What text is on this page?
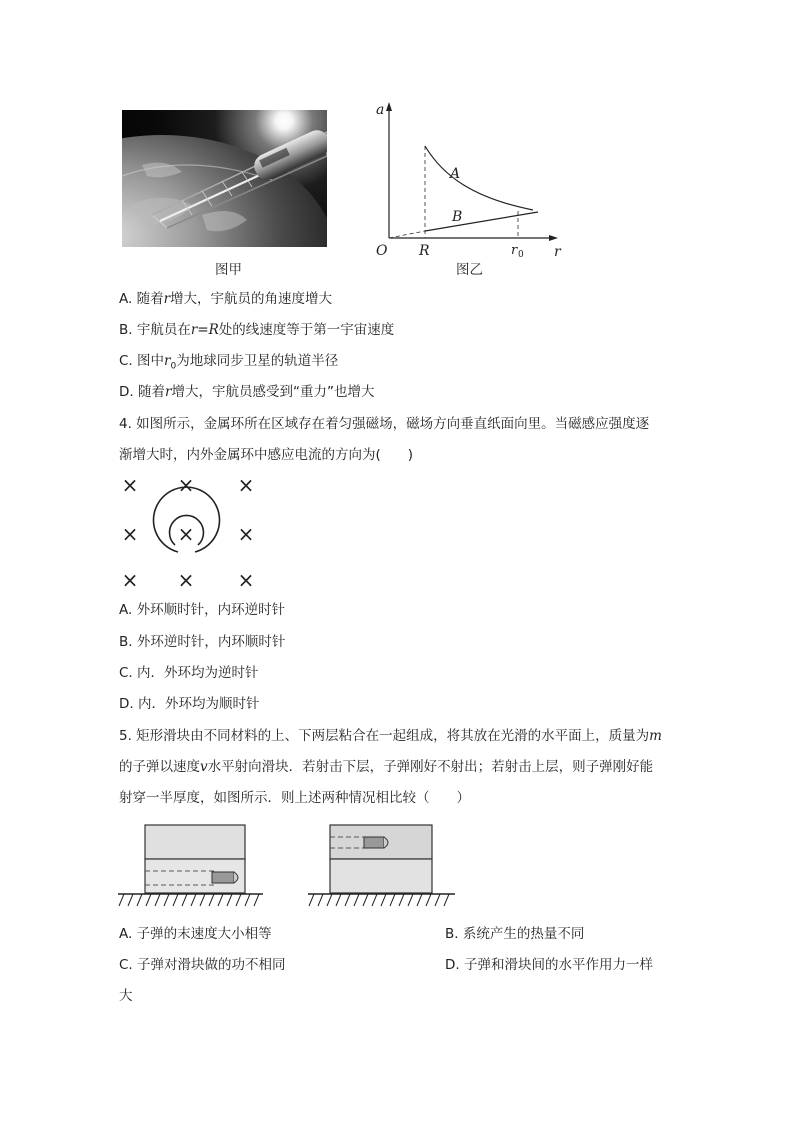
图甲
a
r
O R	r 0
A
B
图乙
A. 随着r增大，宇航员的角速度增大
B. 宇航员在r=R处的线速度等于第一宇宙速度
C. 图中$r_0$为地球同步卫星的轨道半径
D. 随着r增大，宇航员感受到“重力”也增大
4. 如图所示，金属环所在区域存在着匀强磁场，磁场方向垂直纸面向里。当磁感应强度逐
渐增大时，内外金属环中感应电流的方向为(　　)
× × ×
× × ×
× × ×
A. 外环顺时针，内环逆时针
B. 外环逆时针，内环顺时针
C. 内．外环均为逆时针
D. 内．外环均为顺时针
5. 矩形滑块由不同材料的上、下两层粘合在一起组成，将其放在光滑的水平面上，质量为m
的子弹以速度v水平射向滑块．若射击下层，子弹刚好不射出；若射击上层，则子弹刚好能
射穿一半厚度，如图所示．则上述两种情况相比较（　　）
A. 子弹的末速度大小相等	B. 系统产生的热量不同
C. 子弹对滑块做的功不相同	D. 子弹和滑块间的水平作用力一样
大
